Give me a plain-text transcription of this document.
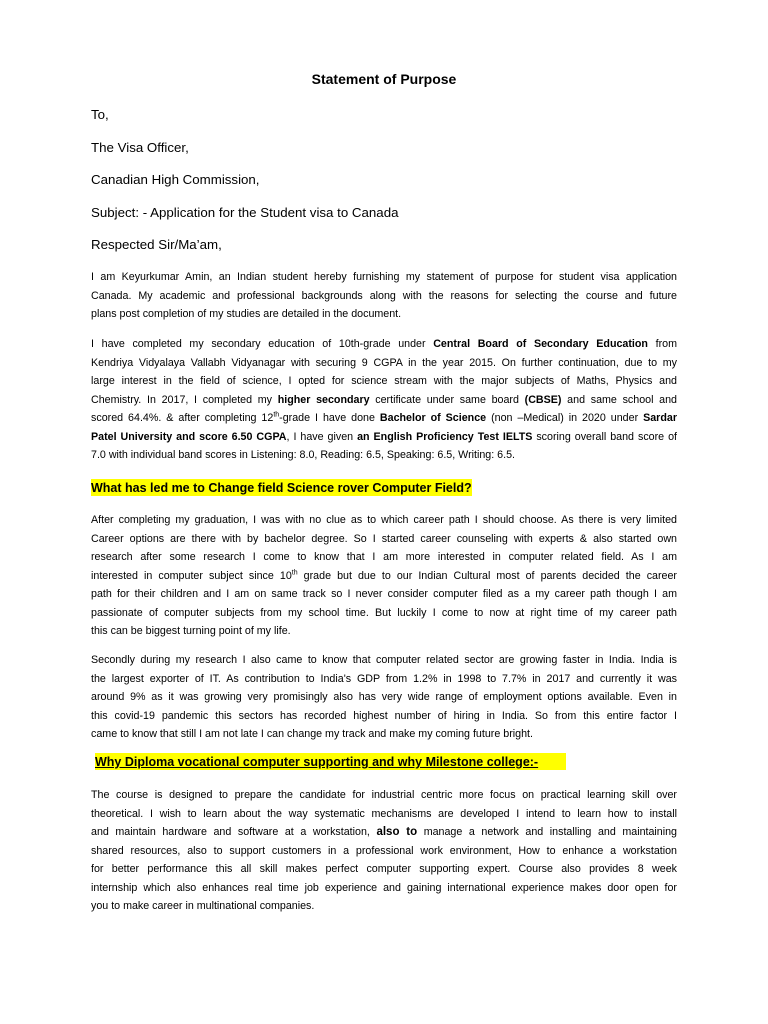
Statement of Purpose
To,
The Visa Officer,
Canadian High Commission,
Subject: - Application for the Student visa to Canada
Respected Sir/Ma’am,
I am Keyurkumar Amin, an Indian student hereby furnishing my statement of purpose for student visa application
Canada. My academic and professional backgrounds along with the reasons for selecting the course and future
plans post completion of my studies are detailed in the document.
I have completed my secondary education of 10th-grade under Central Board of Secondary Education from
Kendriya Vidyalaya Vallabh Vidyanagar with securing 9 CGPA in the year 2015. On further continuation, due to my
large interest in the field of science, I opted for science stream with the major subjects of Maths, Physics and
Chemistry. In 2017, I completed my higher secondary certificate under same board (CBSE) and same school and
scored 64.4%. & after completing 12th-grade I have done Bachelor of Science (non –Medical) in 2020 under Sardar
Patel University and score 6.50 CGPA, I have given an English Proficiency Test IELTS scoring overall band score of
7.0 with individual band scores in Listening: 8.0, Reading: 6.5, Speaking: 6.5, Writing: 6.5.
What has led me to Change field Science rover Computer Field?
After completing my graduation, I was with no clue as to which career path I should choose. As there is very limited
Career options are there with by bachelor degree. So I started career counseling with experts & also started own
research after some research I come to know that I am more interested in computer related field. As I am
interested in computer subject since 10th grade but due to our Indian Cultural most of parents decided the career
path for their children and I am on same track so I never consider computer filed as a my career path though I am
passionate of computer subjects from my school time. But luckily I come to now at right time of my career path
this can be biggest turning point of my life.
Secondly during my research I also came to know that computer related sector are growing faster in India. India is
the largest exporter of IT. As contribution to India's GDP from 1.2% in 1998 to 7.7% in 2017 and currently it was
around 9% as it was growing very promisingly also has very wide range of employment options available. Even in
this covid-19 pandemic this sectors has recorded highest number of hiring in India. So from this entire factor I
came to know that still I am not late I can change my track and make my coming future bright.
Why Diploma vocational computer supporting and why Milestone college:-
The course is designed to prepare the candidate for industrial centric more focus on practical learning skill over
theoretical. I wish to learn about the way systematic mechanisms are developed I intend to learn how to install
and maintain hardware and software at a workstation, also to manage a network and installing and maintaining
shared resources, also to support customers in a professional work environment, How to enhance a workstation
for better performance this all skill makes perfect computer supporting expert. Course also provides 8 week
internship which also enhances real time job experience and gaining international experience makes door open for
you to make career in multinational companies.
